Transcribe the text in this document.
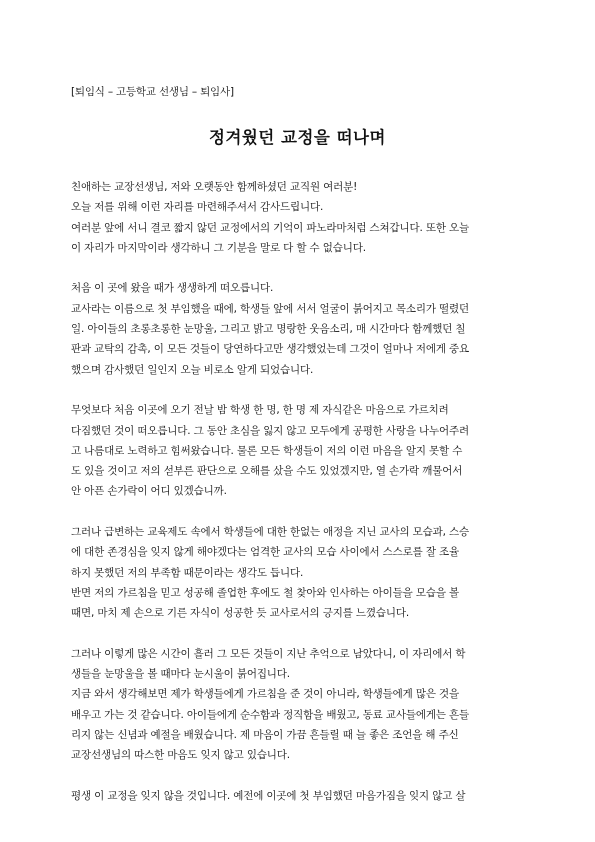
[퇴임식 – 고등학교 선생님 – 퇴임사]
정겨웠던 교정을 떠나며
친애하는 교장선생님, 저와 오랫동안 함께하셨던 교직원 여러분!
오늘 저를 위해 이런 자리를 마련해주셔서 감사드립니다.
여러분 앞에 서니 결코 짧지 않던 교정에서의 기억이 파노라마처럼 스쳐갑니다. 또한 오늘
이 자리가 마지막이라 생각하니 그 기분을 말로 다 할 수 없습니다.
처음 이 곳에 왔을 때가 생생하게 떠오릅니다.
교사라는 이름으로 첫 부임했을 때에, 학생들 앞에 서서 얼굴이 붉어지고 목소리가 떨렸던
일. 아이들의 초롱초롱한 눈망울, 그리고 밝고 명랑한 웃음소리, 매 시간마다 함께했던 칠
판과 교탁의 감촉, 이 모든 것들이 당연하다고만 생각했었는데 그것이 얼마나 저에게 중요
했으며 감사했던 일인지 오늘 비로소 알게 되었습니다.
무엇보다 처음 이곳에 오기 전날 밤 학생 한 명, 한 명 제 자식같은 마음으로 가르치려
다짐했던 것이 떠오릅니다. 그 동안 초심을 잃지 않고 모두에게 공평한 사랑을 나누어주려
고 나름대로 노력하고 힘써왔습니다. 물론 모든 학생들이 저의 이런 마음을 알지 못할 수
도 있을 것이고 저의 섣부른 판단으로 오해를 샀을 수도 있었겠지만, 열 손가락 깨물어서
안 아픈 손가락이 어디 있겠습니까.
그러나 급변하는 교육제도 속에서 학생들에 대한 한없는 애정을 지닌 교사의 모습과, 스승
에 대한 존경심을 잊지 않게 해야겠다는 엄격한 교사의 모습 사이에서 스스로를 잘 조율
하지 못했던 저의 부족함 때문이라는 생각도 듭니다.
반면 저의 가르침을 믿고 성공해 졸업한 후에도 철 찾아와 인사하는 아이들을 모습을 볼
때면, 마치 제 손으로 기른 자식이 성공한 듯 교사로서의 긍지를 느꼈습니다.
그러나 이렇게 많은 시간이 흘러 그 모든 것들이 지난 추억으로 남았다니, 이 자리에서 학
생들을 눈망울을 볼 때마다 눈시울이 붉어집니다.
지금 와서 생각해보면 제가 학생들에게 가르침을 준 것이 아니라, 학생들에게 많은 것을
배우고 가는 것 같습니다. 아이들에게 순수함과 정직함을 배웠고, 동료 교사들에게는 흔들
리지 않는 신념과 예절을 배웠습니다. 제 마음이 가끔 흔들릴 때 늘 좋은 조언을 해 주신
교장선생님의 따스한 마음도 잊지 않고 있습니다.
평생 이 교정을 잊지 않을 것입니다. 예전에 이곳에 첫 부임했던 마음가짐을 잊지 않고 살
